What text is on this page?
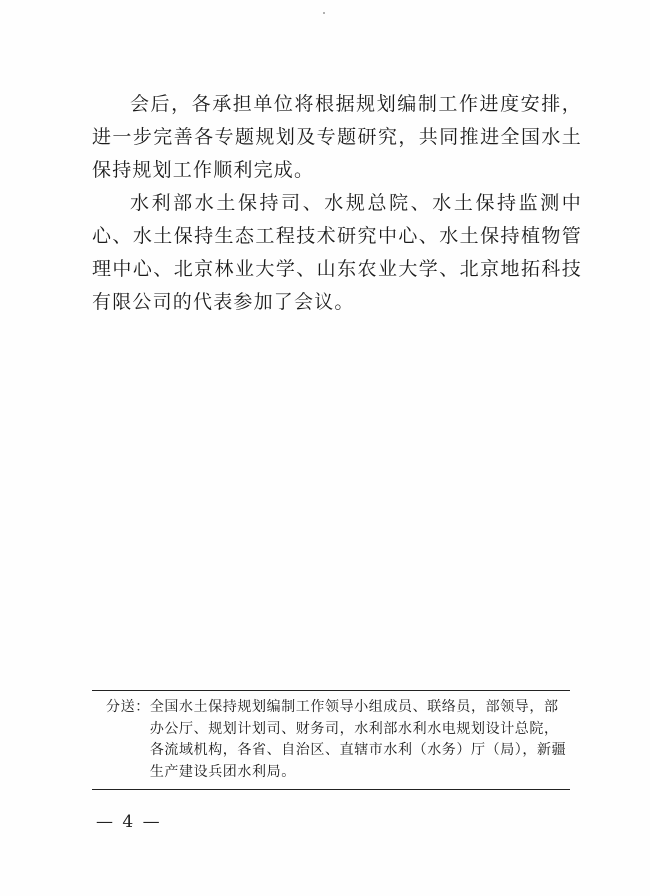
会后，各承担单位将根据规划编制工作进度安排，进一步完善各专题规划及专题研究，共同推进全国水土保持规划工作顺利完成。

水利部水土保持司、水规总院、水土保持监测中心、水土保持生态工程技术研究中心、水土保持植物管理中心、北京林业大学、山东农业大学、北京地拓科技有限公司的代表参加了会议。

分送： 全国水土保持规划编制工作领导小组成员、联络员，部领导，部办公厅、规划计划司、财务司，水利部水利水电规划设计总院，各流域机构，各省、自治区、直辖市水利（水务）厅（局），新疆生产建设兵团水利局。
— 4 —
